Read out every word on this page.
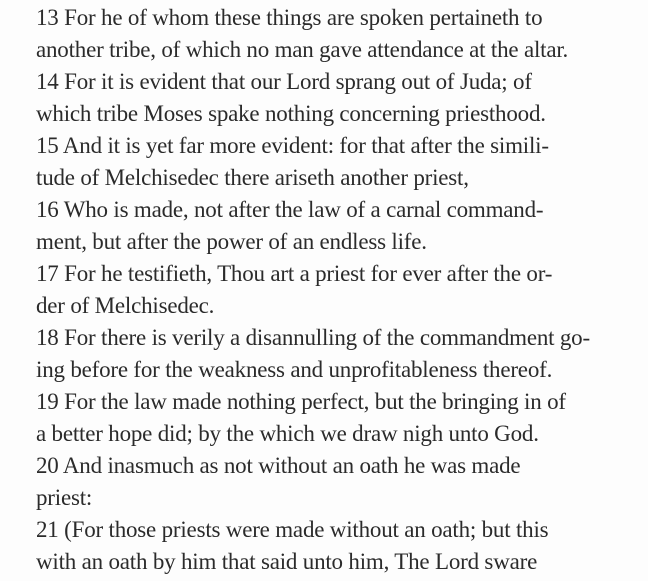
13 For he of whom these things are spoken pertaineth to
another tribe, of which no man gave attendance at the altar.
14 For it is evident that our Lord sprang out of Juda; of
which tribe Moses spake nothing concerning priesthood.
15 And it is yet far more evident: for that after the simili-
tude of Melchisedec there ariseth another priest,
16 Who is made, not after the law of a carnal command-
ment, but after the power of an endless life.
17 For he testifieth, Thou art a priest for ever after the or-
der of Melchisedec.
18 For there is verily a disannulling of the commandment go-
ing before for the weakness and unprofitableness thereof.
19 For the law made nothing perfect, but the bringing in of
a better hope did; by the which we draw nigh unto God.
20 And inasmuch as not without an oath he was made
priest:
21 (For those priests were made without an oath; but this
with an oath by him that said unto him, The Lord sware
